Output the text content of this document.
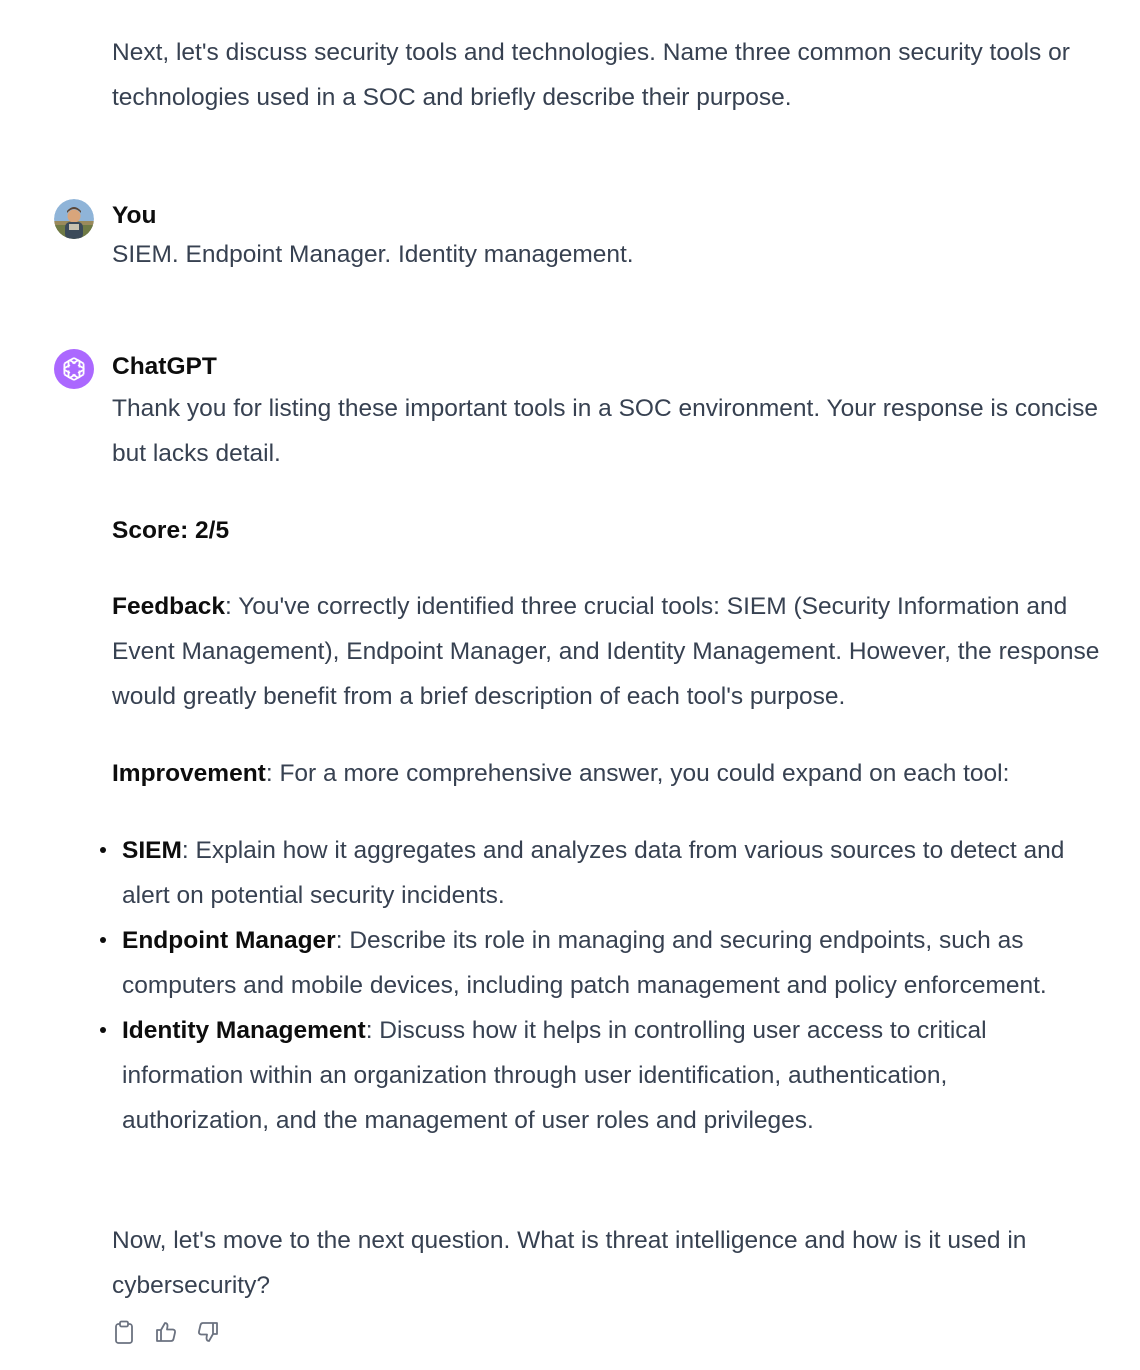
Next, let's discuss security tools and technologies. Name three common security tools or technologies used in a SOC and briefly describe their purpose.

You

SIEM. Endpoint Manager. Identity management.

ChatGPT

Thank you for listing these important tools in a SOC environment. Your response is concise but lacks detail.

Score: 2/5

Feedback: You've correctly identified three crucial tools: SIEM (Security Information and Event Management), Endpoint Manager, and Identity Management. However, the response would greatly benefit from a brief description of each tool's purpose.

Improvement: For a more comprehensive answer, you could expand on each tool:

SIEM: Explain how it aggregates and analyzes data from various sources to detect and alert on potential security incidents.
Endpoint Manager: Describe its role in managing and securing endpoints, such as computers and mobile devices, including patch management and policy enforcement.
Identity Management: Discuss how it helps in controlling user access to critical information within an organization through user identification, authentication, authorization, and the management of user roles and privileges.

Now, let's move to the next question. What is threat intelligence and how is it used in cybersecurity?
